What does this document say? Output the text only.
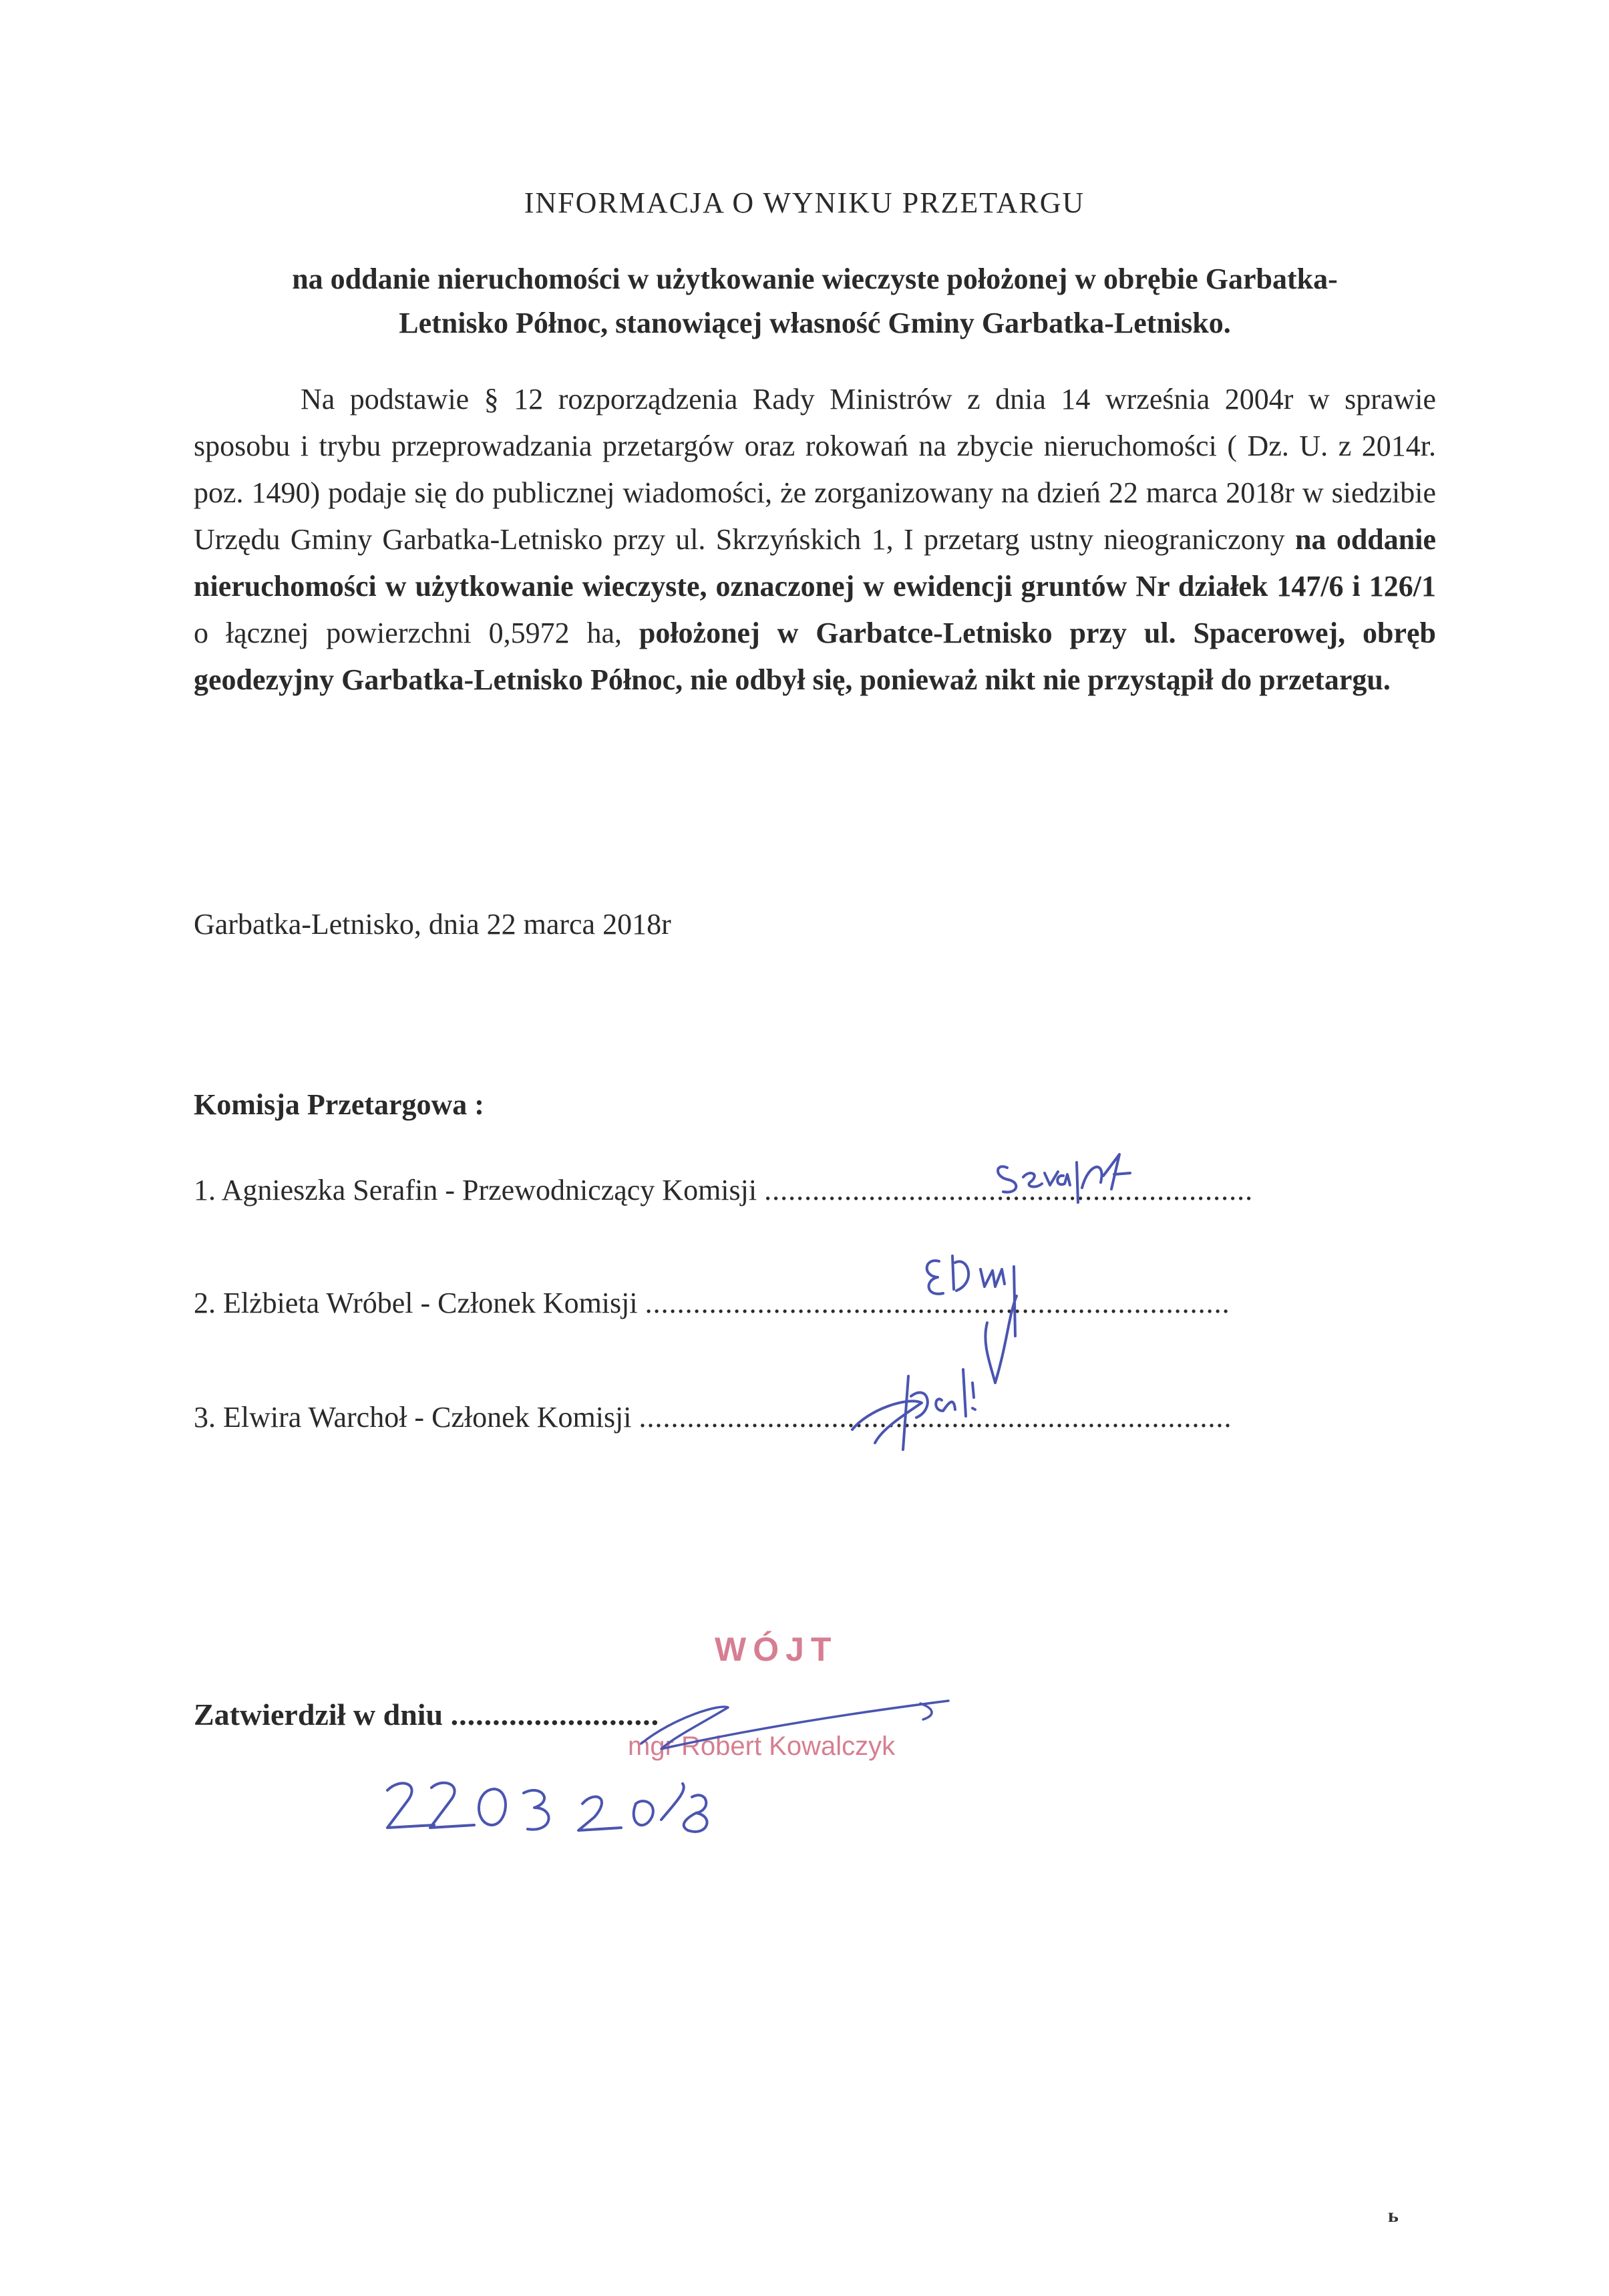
INFORMACJA O WYNIKU PRZETARGU
na oddanie nieruchomości w użytkowanie wieczyste położonej w obrębie Garbatka-
Letnisko Północ, stanowiącej własność Gminy Garbatka-Letnisko.
Na podstawie § 12 rozporządzenia Rady Ministrów z dnia 14 września 2004r w sprawie sposobu i trybu przeprowadzania przetargów oraz rokowań na zbycie nieruchomości ( Dz. U. z 2014r. poz. 1490) podaje się do publicznej wiadomości, że zorganizowany na dzień 22 marca 2018r w siedzibie Urzędu Gminy Garbatka-Letnisko przy ul. Skrzyńskich 1, I przetarg ustny nieograniczony na oddanie nieruchomości w użytkowanie wieczyste, oznaczonej w ewidencji gruntów Nr działek 147/6 i 126/1 o łącznej powierzchni 0,5972 ha, położonej w Garbatce-Letnisko przy ul. Spacerowej, obręb geodezyjny Garbatka-Letnisko Północ, nie odbył się, ponieważ nikt nie przystąpił do przetargu.
Garbatka-Letnisko, dnia 22 marca 2018r
Komisja Przetargowa :
1. Agnieszka Serafin - Przewodniczący Komisji .............................................................
2. Elżbieta Wróbel - Członek Komisji .........................................................................
3. Elwira Warchoł - Członek Komisji ..........................................................................
Zatwierdził w dniu .........................
WÓJT
mgr Robert Kowalczyk
ь
